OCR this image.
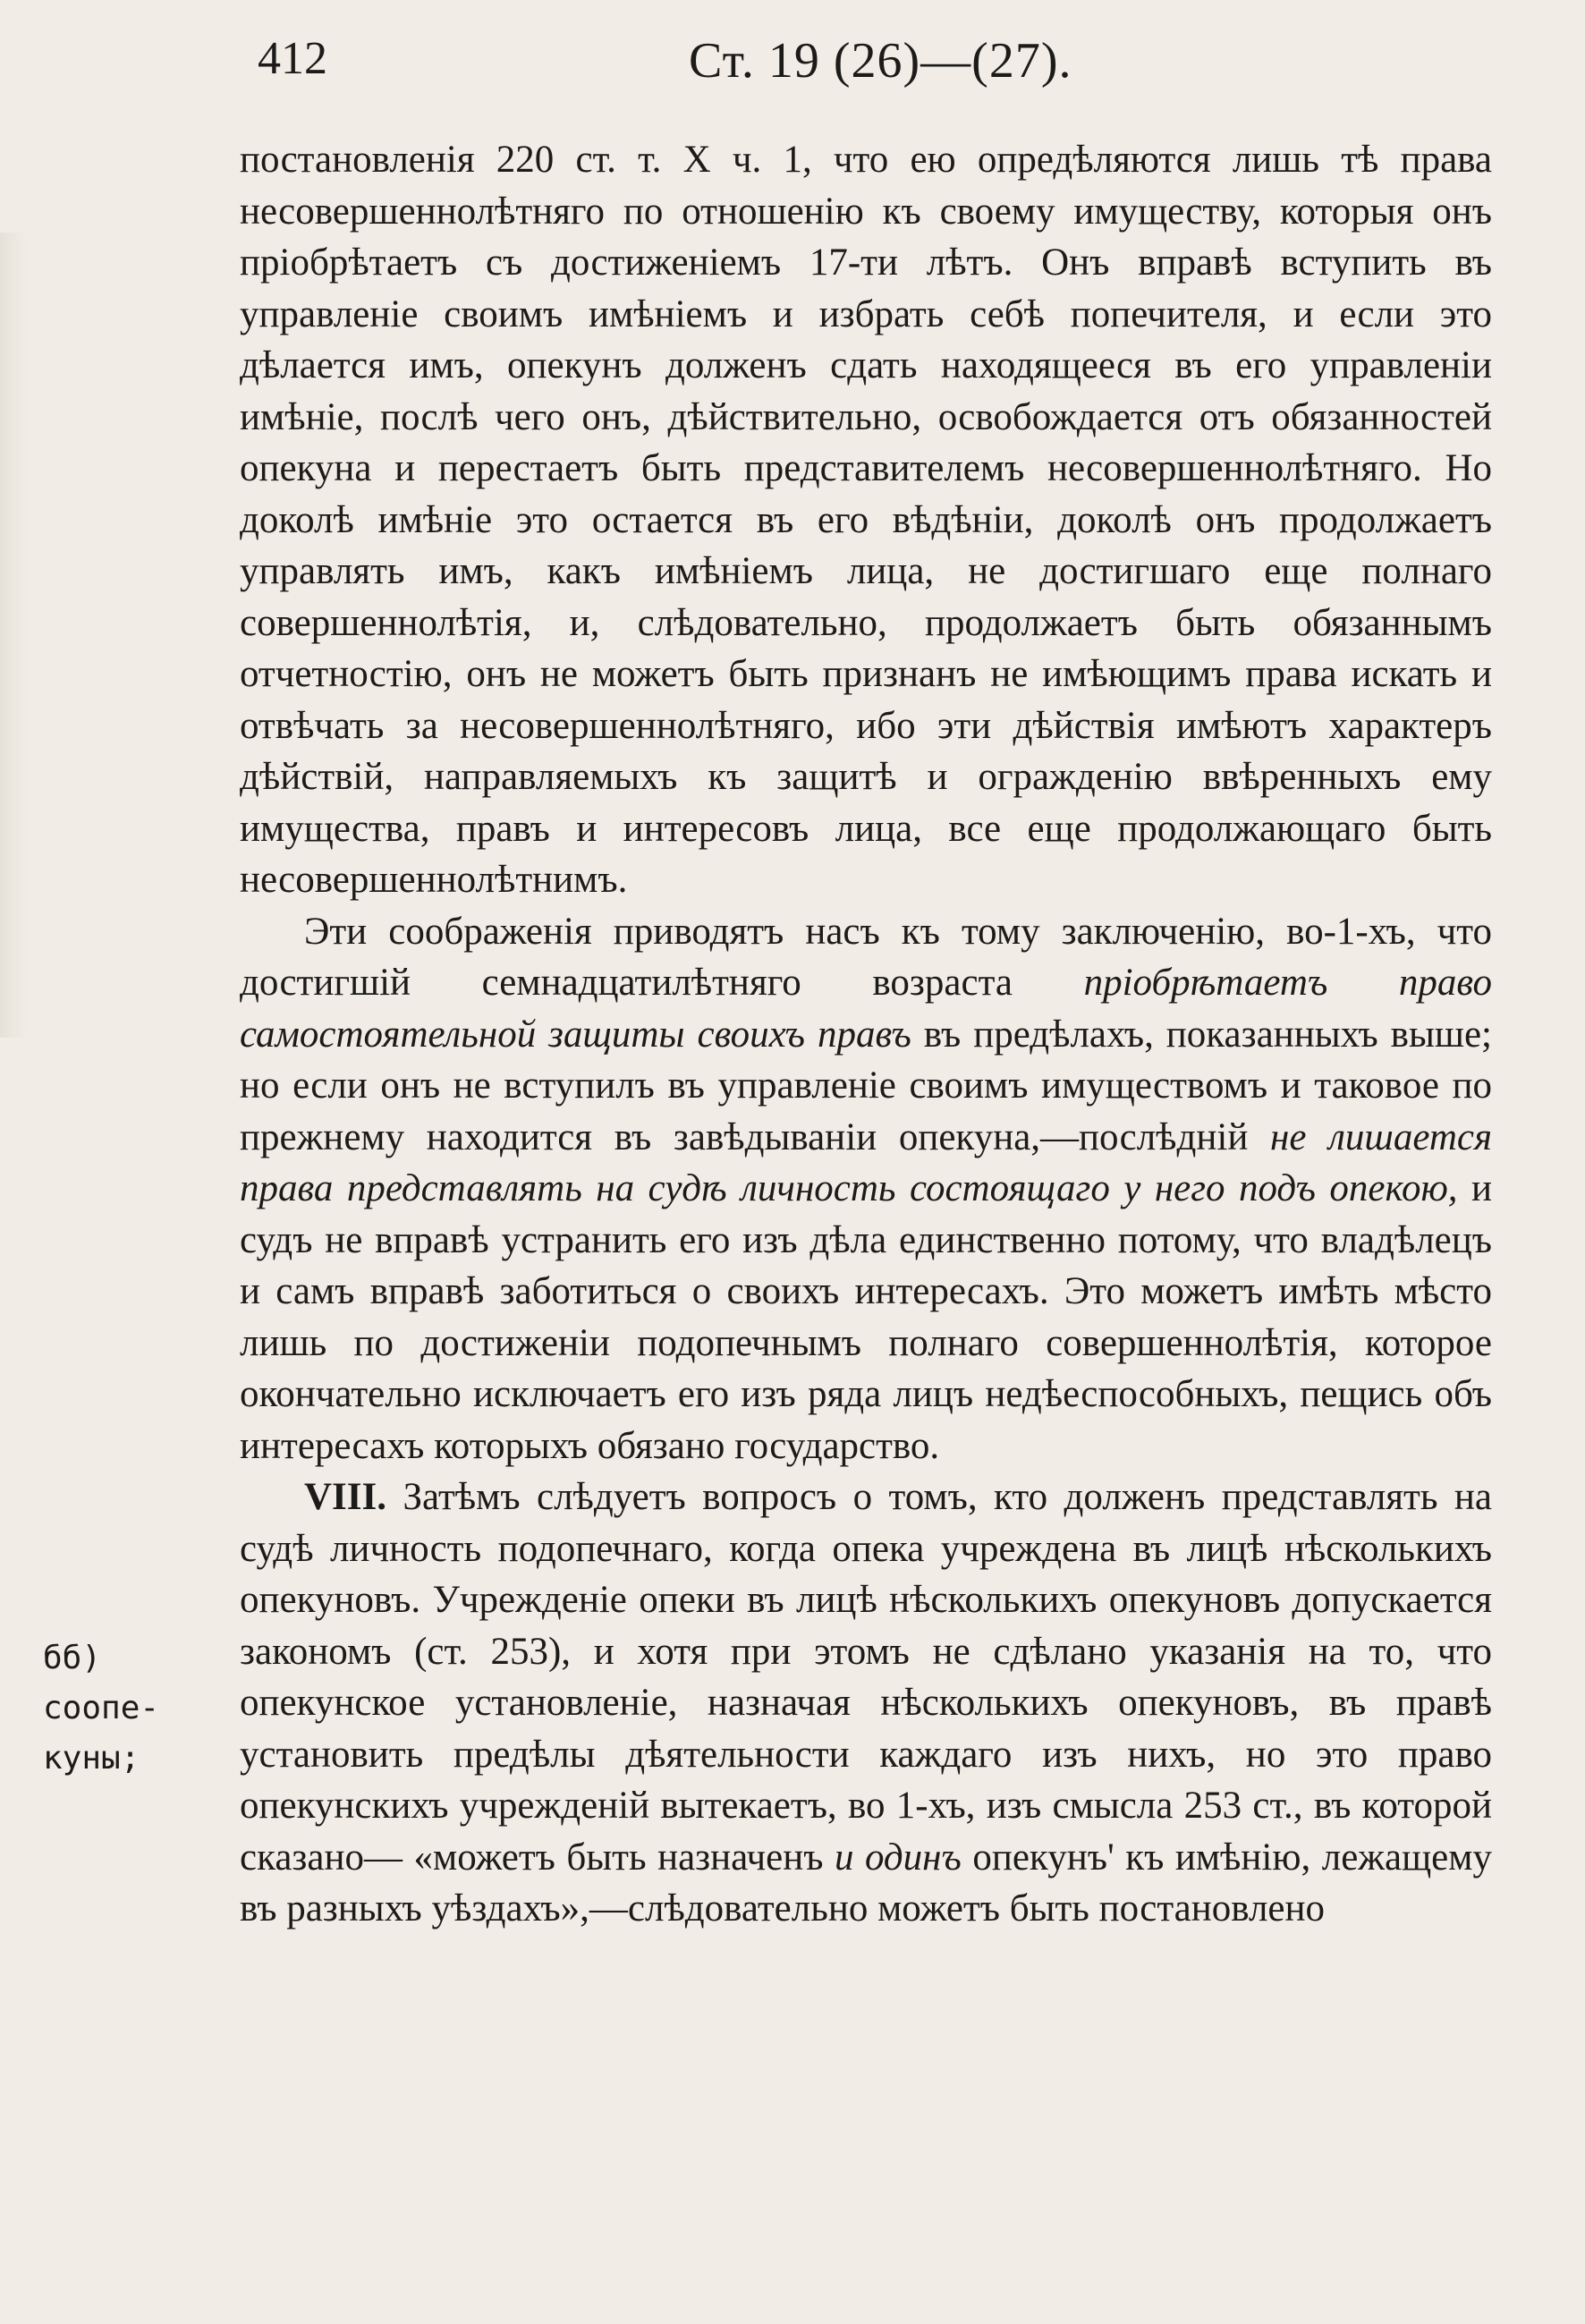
412	Ст. 19 (26)—(27).
бб) соопе-
куны;

постановленія 220 ст. т. X ч. 1, что ею опредѣляются лишь тѣ права несовершеннолѣтняго по отношенію къ своему имуществу, которыя онъ пріобрѣтаетъ съ достиженіемъ 17-ти лѣтъ. Онъ вправѣ вступить въ управленіе своимъ имѣніемъ и избрать себѣ попечителя, и если это дѣлается имъ, опекунъ долженъ сдать находящееся въ его управленіи имѣніе, послѣ чего онъ, дѣйствительно, освобождается отъ обязанностей опекуна и перестаетъ быть представителемъ несовершеннолѣтняго. Но доколѣ имѣніе это остается въ его вѣдѣніи, доколѣ онъ продолжаетъ управлять имъ, какъ имѣніемъ лица, не достигшаго еще полнаго совершеннолѣтія, и, слѣдовательно, продолжаетъ быть обязаннымъ отчетностію, онъ не можетъ быть признанъ не имѣющимъ права искать и отвѣчать за несовершеннолѣтняго, ибо эти дѣйствія имѣютъ характеръ дѣйствій, направляемыхъ къ защитѣ и огражденію ввѣренныхъ ему имущества, правъ и интересовъ лица, все еще продолжающаго быть несовершеннолѣтнимъ.

Эти соображенія приводятъ насъ къ тому заключенію, во-1-хъ, что достигшій семнадцатилѣтняго возраста пріобрѣтаетъ право самостоятельной защиты своихъ правъ въ предѣлахъ, показанныхъ выше; но если онъ не вступилъ въ управленіе своимъ имуществомъ и таковое по прежнему находится въ завѣдываніи опекуна,—послѣдній не лишается права представлять на судѣ личность состоящаго у него подъ опекою, и судъ не вправѣ устранить его изъ дѣла единственно потому, что владѣлецъ и самъ вправѣ заботиться о своихъ интересахъ. Это можетъ имѣть мѣсто лишь по достиженіи подопечнымъ полнаго совершеннолѣтія, которое окончательно исключаетъ его изъ ряда лицъ недѣеспособныхъ, пещись объ интересахъ которыхъ обязано государство.

VIII. Затѣмъ слѣдуетъ вопросъ о томъ, кто долженъ представлять на судѣ личность подопечнаго, когда опека учреждена въ лицѣ нѣсколькихъ опекуновъ. Учрежденіе опеки въ лицѣ нѣсколькихъ опекуновъ допускается закономъ (ст. 253), и хотя при этомъ не сдѣлано указанія на то, что опекунское установленіе, назначая нѣсколькихъ опекуновъ, въ правѣ установить предѣлы дѣятельности каждаго изъ нихъ, но это право опекунскихъ учрежденій вытекаетъ, во 1-хъ, изъ смысла 253 ст., въ которой сказано— «можетъ быть назначенъ и одинъ опекунъ' къ имѣнію, лежащему въ разныхъ уѣздахъ»,—слѣдовательно можетъ быть постановлено
